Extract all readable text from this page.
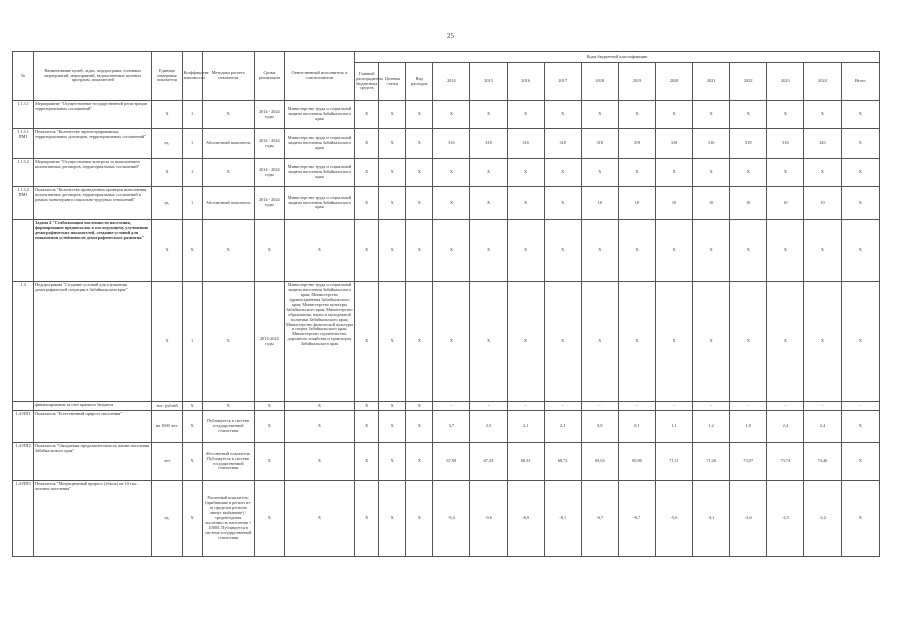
25
№	Наименование целей, задач, подпрограмм, основных мероприятий, мероприятий, ведомственных целевых программ, показателей	Единица измерения показателя	Коэффициент значимости	Методика расчета показателя	Сроки реализации	Ответственный исполнитель и соисполнители	Коды бюджетной классификации														
							Главный распорядитель бюджетных средств	Целевая статья	Вид расходов	2014	2015	2016	2017	2018	2019	2020	2021	2022	2023	2024	Итого
1.1.3.1	Мероприятие "Осуществление государственной регистрации территориальных соглашений"	X	1	X	2014 - 2024 годы	Министерство труда и социальной защиты населения Забайкальского края	X	X	X	X	X	X	X	X	X	X	X	X	X	X	X
1.1.3.1 ПМ1	Показатель "Количество зарегистрированных территориальных договоров, территориальных соглашений"	ед.	1	Абсолютный показатель	2014 - 2024 годы	Министерство труда и социальной защиты населения Забайкальского края	X	X	X	316	318	316	318	318	319	318	316	318	316	343	X
1.1.3.2	Мероприятие "Осуществление контроля за выполнением коллективных договоров, территориальных соглашений"	X	1	X	2014 - 2024 годы	Министерство труда и социальной защиты населения Забайкальского края	X	X	X	X	X	X	X	X	X	X	X	X	X	X	X
1.1.3.2 ПМ1	Показатель "Количество проведенных проверок выполнения коллективных договоров, территориальных соглашений в рамках мониторинга социально-трудовых отношений"	ед.	1	Абсолютный показатель	2014 - 2024 годы	Министерство труда и социальной защиты населения Забайкальского края	X	X	X	X	X	X	X	10	10	10	10	10	10	10	X
	Задача 4 "Стабилизация численности населения, формирование предпосылок к последующему улучшению демографических показателей, создание условий для повышения устойчивости демографического развития"	X	X	X	X	X	X	X	X	X	X	X	X	X	X	X	X	X	X	X	X
1.4	Подпрограмма "Создание условий для улучшения демографической ситуации в Забайкальском крае"	X	1	X	2014-2024 годы	Министерство труда и социальной защиты населения Забайкальского края; Министерство здравоохранения Забайкальского края; Министерство культуры Забайкальского края; Министерство образования, науки и молодежной политики Забайкальского края; Министерство физической культуры и спорта Забайкальского края; Министерство строительства, дорожного хозяйства и транспорта Забайкальского края	X	X	X	X	X	X	X	X	X	X	X	X	X	X	X
	финансирование за счет краевого бюджета	тыс. рублей	X	X	X	X	X	X	X	-	-	-	-	-	-	-	-	-	-	-	-
1.4-ПП1	Показатель "Естественный прирост населения"	на 1000 чел.	X	Публикуется в системе государственной статистики	X	X	X	X	X	3,7	3,5	2,1	2,1	0,8	0,1	1,1	1,2	1,9	2,4	2,4	X
1.4-ПП2	Показатель "Ожидаемая продолжительность жизни населения Забайкальского края"	лет	X	Абсолютный показатель. Публикуется в системе государственной статистики	X	X	X	X	X	67,98	67,54	68,33	68,72	69,63	69,86	71,11	71,26	73,07	73,74	74,46	X
1.4-ПП3	Показатель "Миграционный прирост (убыль) на 10 тыс. человек населения"	ед.	X	Расчетный показатель: (прибывшие в регион из-за пределов региона минус выбывшие) / среднегодовая численность населения × 10000. Публикуется в системе государственной статистики	X	X	X	X	X	-9,4	-9,6	-8,9	-8,1	-6,7	-6,7	-5,6	-4,1	-2,6	-2,5	-2,2	X
